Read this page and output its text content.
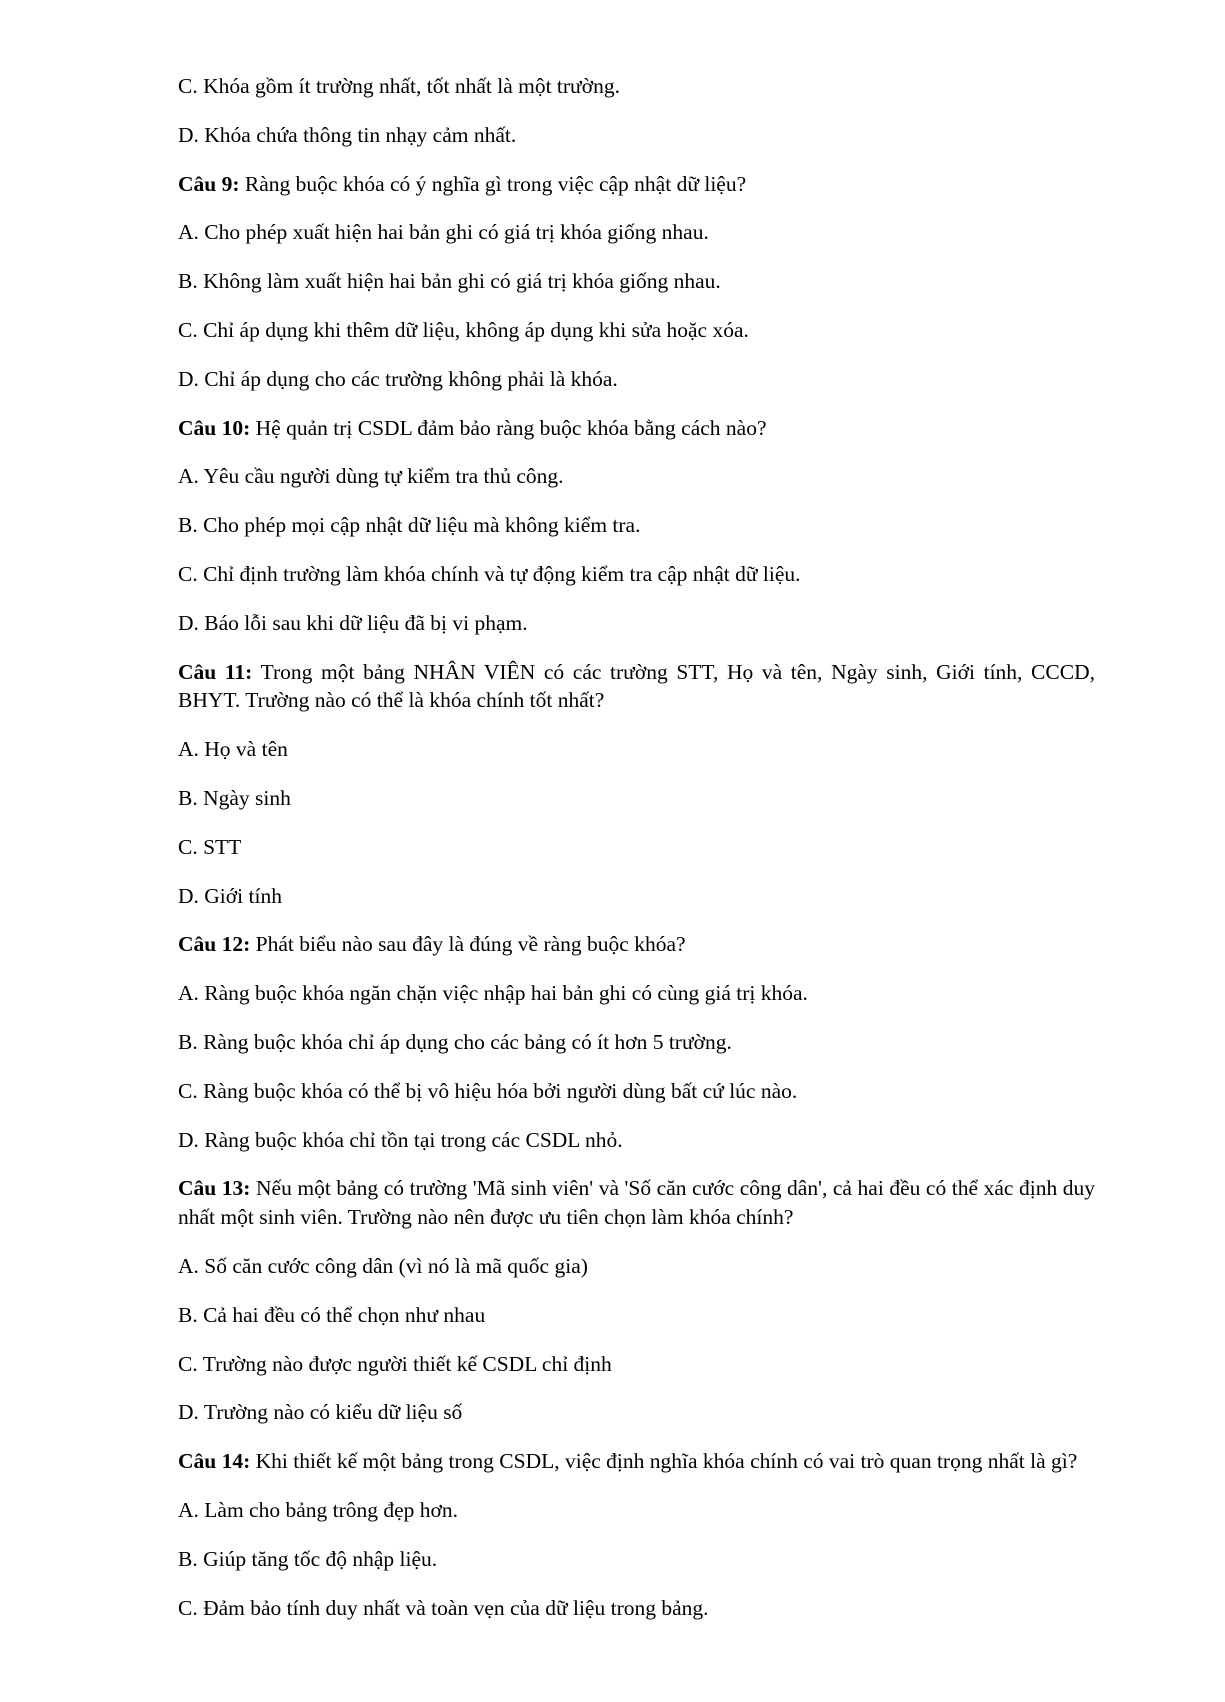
C. Khóa gồm ít trường nhất, tốt nhất là một trường.

D. Khóa chứa thông tin nhạy cảm nhất.

Câu 9: Ràng buộc khóa có ý nghĩa gì trong việc cập nhật dữ liệu?

A. Cho phép xuất hiện hai bản ghi có giá trị khóa giống nhau.

B. Không làm xuất hiện hai bản ghi có giá trị khóa giống nhau.

C. Chỉ áp dụng khi thêm dữ liệu, không áp dụng khi sửa hoặc xóa.

D. Chỉ áp dụng cho các trường không phải là khóa.

Câu 10: Hệ quản trị CSDL đảm bảo ràng buộc khóa bằng cách nào?

A. Yêu cầu người dùng tự kiểm tra thủ công.

B. Cho phép mọi cập nhật dữ liệu mà không kiểm tra.

C. Chỉ định trường làm khóa chính và tự động kiểm tra cập nhật dữ liệu.

D. Báo lỗi sau khi dữ liệu đã bị vi phạm.

Câu 11: Trong một bảng NHÂN VIÊN có các trường STT, Họ và tên, Ngày sinh, Giới tính, CCCD, BHYT. Trường nào có thể là khóa chính tốt nhất?

A. Họ và tên

B. Ngày sinh

C. STT

D. Giới tính

Câu 12: Phát biểu nào sau đây là đúng về ràng buộc khóa?

A. Ràng buộc khóa ngăn chặn việc nhập hai bản ghi có cùng giá trị khóa.

B. Ràng buộc khóa chỉ áp dụng cho các bảng có ít hơn 5 trường.

C. Ràng buộc khóa có thể bị vô hiệu hóa bởi người dùng bất cứ lúc nào.

D. Ràng buộc khóa chỉ tồn tại trong các CSDL nhỏ.

Câu 13: Nếu một bảng có trường 'Mã sinh viên' và 'Số căn cước công dân', cả hai đều có thể xác định duy nhất một sinh viên. Trường nào nên được ưu tiên chọn làm khóa chính?

A. Số căn cước công dân (vì nó là mã quốc gia)

B. Cả hai đều có thể chọn như nhau

C. Trường nào được người thiết kế CSDL chỉ định

D. Trường nào có kiểu dữ liệu số

Câu 14: Khi thiết kế một bảng trong CSDL, việc định nghĩa khóa chính có vai trò quan trọng nhất là gì?

A. Làm cho bảng trông đẹp hơn.

B. Giúp tăng tốc độ nhập liệu.

C. Đảm bảo tính duy nhất và toàn vẹn của dữ liệu trong bảng.
